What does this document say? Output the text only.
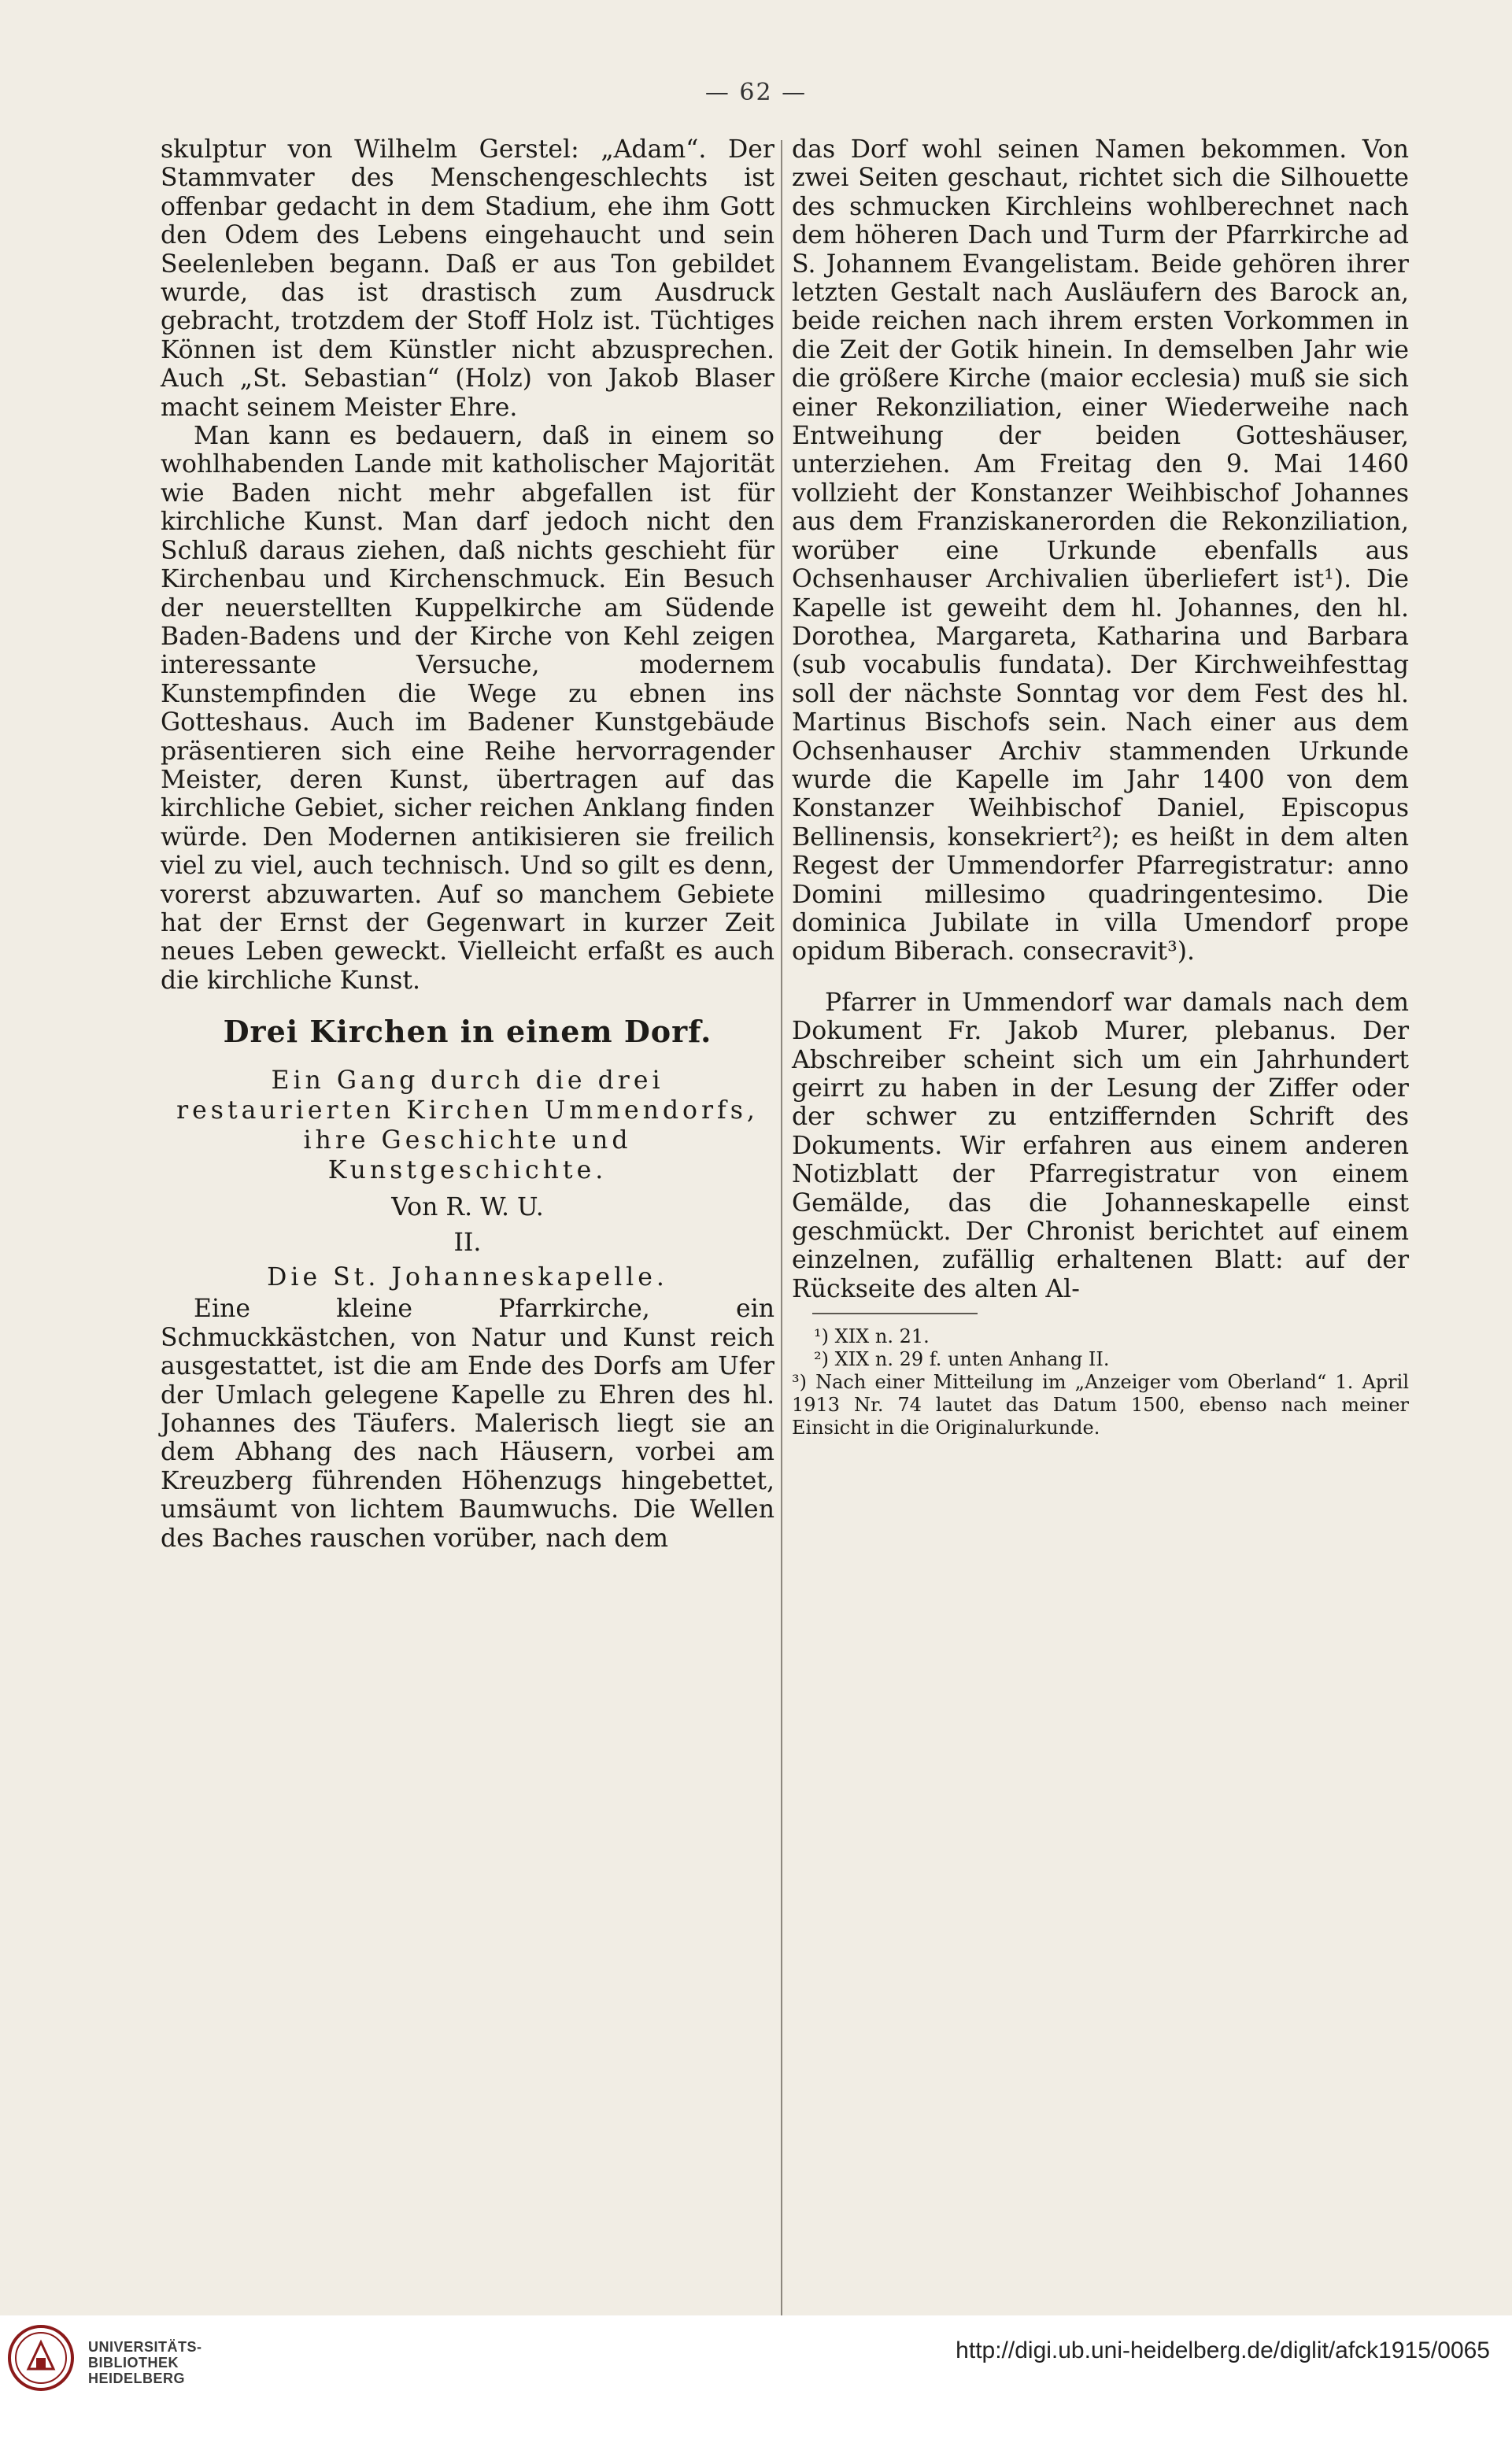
— 62 —

skulptur von Wilhelm Gerstel: „Adam“. Der Stammvater des Menschengeschlechts ist offenbar gedacht in dem Stadium, ehe ihm Gott den Odem des Lebens eingehaucht und sein Seelenleben begann. Daß er aus Ton gebildet wurde, das ist drastisch zum Ausdruck gebracht, trotzdem der Stoff Holz ist. Tüchtiges Können ist dem Künstler nicht abzusprechen. Auch „St. Sebastian“ (Holz) von Jakob Blaser macht seinem Meister Ehre.

Man kann es bedauern, daß in einem so wohlhabenden Lande mit katholischer Majorität wie Baden nicht mehr abgefallen ist für kirchliche Kunst. Man darf jedoch nicht den Schluß daraus ziehen, daß nichts geschieht für Kirchenbau und Kirchenschmuck. Ein Besuch der neuerstellten Kuppelkirche am Südende Baden-Badens und der Kirche von Kehl zeigen interessante Versuche, modernem Kunstempfinden die Wege zu ebnen ins Gotteshaus. Auch im Badener Kunstgebäude präsentieren sich eine Reihe hervorragender Meister, deren Kunst, übertragen auf das kirchliche Gebiet, sicher reichen Anklang finden würde. Den Modernen antikisieren sie freilich viel zu viel, auch technisch. Und so gilt es denn, vorerst abzuwarten. Auf so manchem Gebiete hat der Ernst der Gegenwart in kurzer Zeit neues Leben geweckt. Vielleicht erfaßt es auch die kirchliche Kunst.

Drei Kirchen in einem Dorf.

Ein Gang durch die drei restaurierten Kirchen Ummendorfs, ihre Geschichte und Kunstgeschichte.

Von R. W. U.

II.

Die St. Johanneskapelle.

Eine kleine Pfarrkirche, ein Schmuckkästchen, von Natur und Kunst reich ausgestattet, ist die am Ende des Dorfs am Ufer der Umlach gelegene Kapelle zu Ehren des hl. Johannes des Täufers. Malerisch liegt sie an dem Abhang des nach Häusern, vorbei am Kreuzberg führenden Höhenzugs hingebettet, umsäumt von lichtem Baumwuchs. Die Wellen des Baches rauschen vorüber, nach dem

das Dorf wohl seinen Namen bekommen. Von zwei Seiten geschaut, richtet sich die Silhouette des schmucken Kirchleins wohlberechnet nach dem höheren Dach und Turm der Pfarrkirche ad S. Johannem Evangelistam. Beide gehören ihrer letzten Gestalt nach Ausläufern des Barock an, beide reichen nach ihrem ersten Vorkommen in die Zeit der Gotik hinein. In demselben Jahr wie die größere Kirche (maior ecclesia) muß sie sich einer Rekonziliation, einer Wiederweihe nach Entweihung der beiden Gotteshäuser, unterziehen. Am Freitag den 9. Mai 1460 vollzieht der Konstanzer Weihbischof Johannes aus dem Franziskanerorden die Rekonziliation, worüber eine Urkunde ebenfalls aus Ochsenhauser Archivalien überliefert ist¹). Die Kapelle ist geweiht dem hl. Johannes, den hl. Dorothea, Margareta, Katharina und Barbara (sub vocabulis fundata). Der Kirchweihfesttag soll der nächste Sonntag vor dem Fest des hl. Martinus Bischofs sein. Nach einer aus dem Ochsenhauser Archiv stammenden Urkunde wurde die Kapelle im Jahr 1400 von dem Konstanzer Weihbischof Daniel, Episcopus Bellinensis, konsekriert²); es heißt in dem alten Regest der Ummendorfer Pfarregistratur: anno Domini millesimo quadringentesimo. Die dominica Jubilate in villa Umendorf prope opidum Biberach. consecravit³).

Pfarrer in Ummendorf war damals nach dem Dokument Fr. Jakob Murer, plebanus. Der Abschreiber scheint sich um ein Jahrhundert geirrt zu haben in der Lesung der Ziffer oder der schwer zu entziffernden Schrift des Dokuments. Wir erfahren aus einem anderen Notizblatt der Pfarregistratur von einem Gemälde, das die Johanneskapelle einst geschmückt. Der Chronist berichtet auf einem einzelnen, zufällig erhaltenen Blatt: auf der Rückseite des alten Al-

¹) XIX n. 21.

²) XIX n. 29 f. unten Anhang II.

³) Nach einer Mitteilung im „Anzeiger vom Oberland“ 1. April 1913 Nr. 74 lautet das Datum 1500, ebenso nach meiner Einsicht in die Originalurkunde.

UNIVERSITÄTS-
BIBLIOTHEK
HEIDELBERG
http://digi.ub.uni-heidelberg.de/diglit/afck1915/0065
